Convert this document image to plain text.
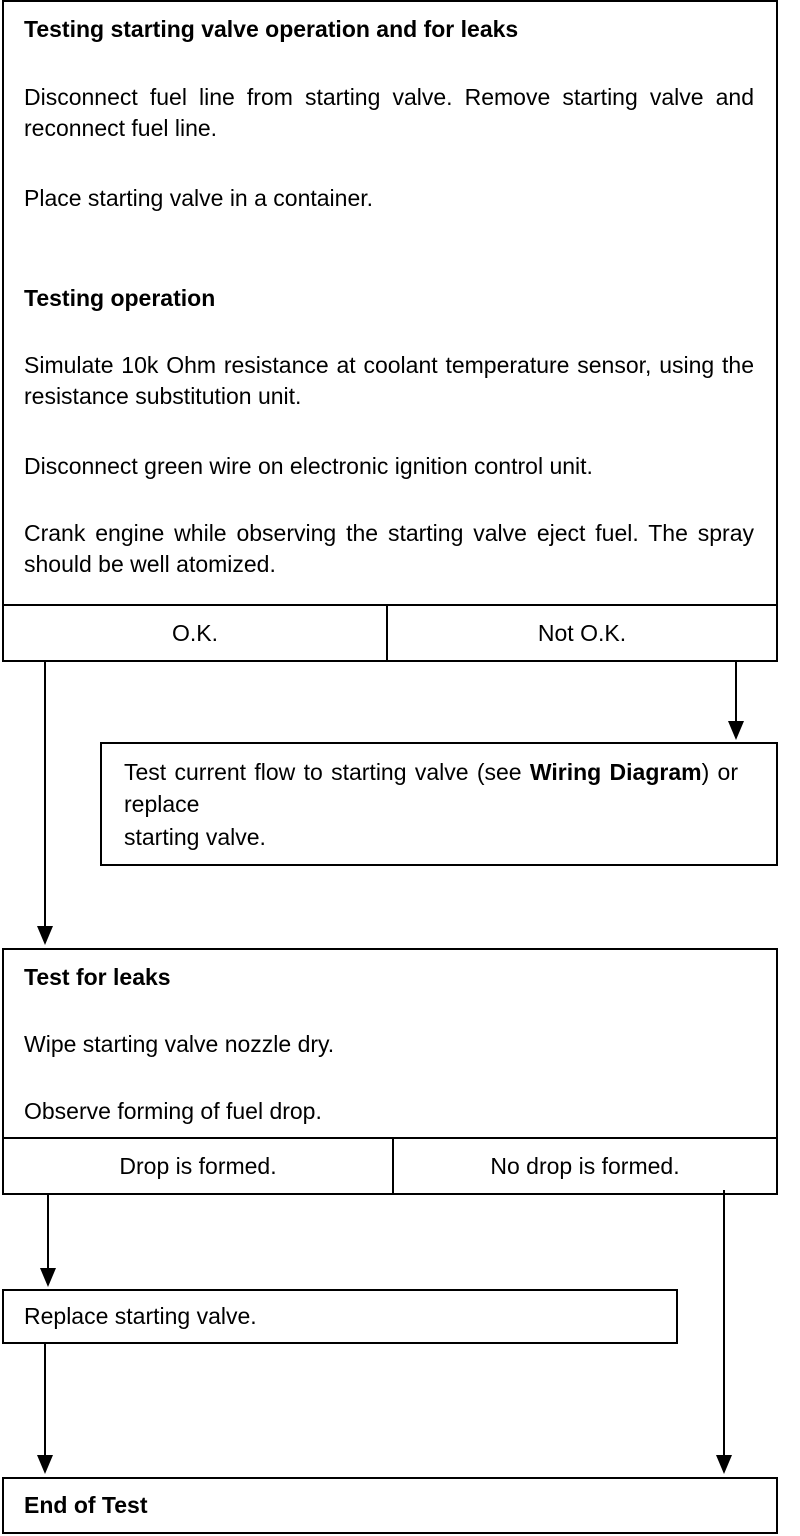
Testing starting valve operation and for leaks
Disconnect fuel line from starting valve. Remove starting valve and reconnect fuel line.
Place starting valve in a container.
Testing operation
Simulate 10k Ohm resistance at coolant temperature sensor, using the resistance substitution unit.
Disconnect green wire on electronic ignition control unit.
Crank engine while observing the starting valve eject fuel. The spray should be well atomized.
O.K.	Not O.K.
Test current flow to starting valve (see Wiring Diagram) or replace
starting valve.
Test for leaks
Wipe starting valve nozzle dry.
Observe forming of fuel drop.
Drop is formed.	No drop is formed.
Replace starting valve.
End of Test
